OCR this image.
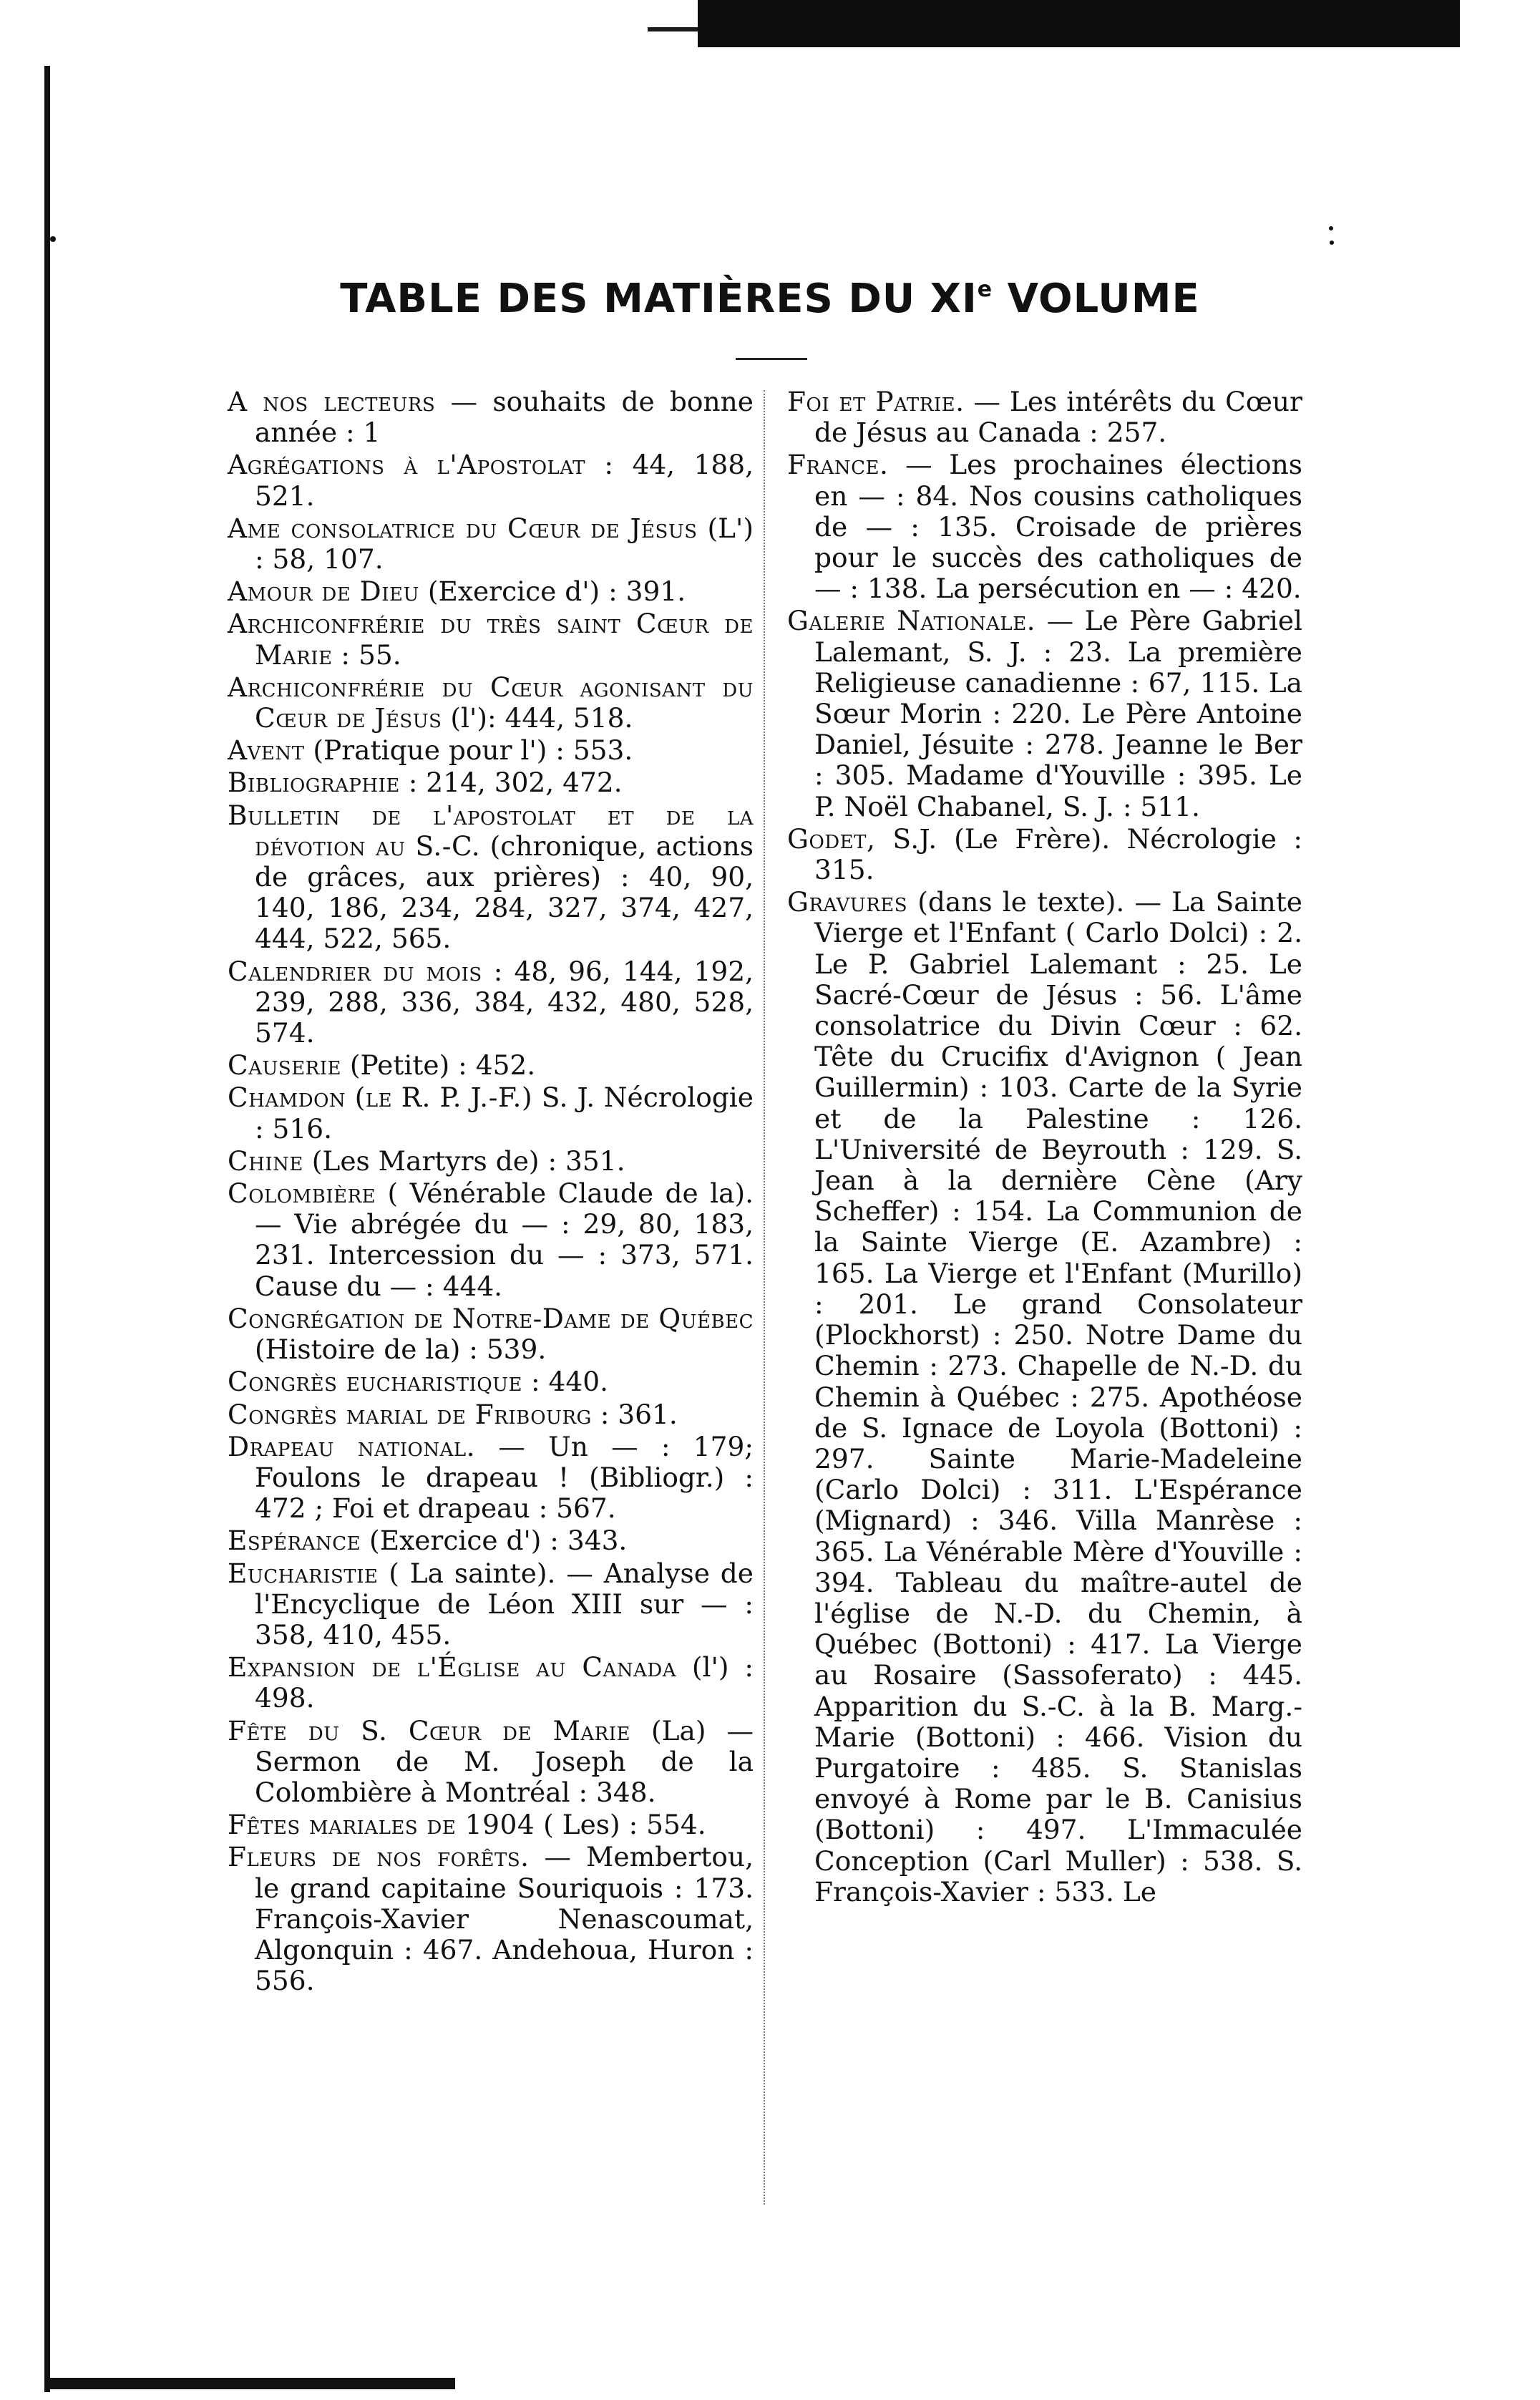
TABLE DES MATIÈRES DU XIe VOLUME

A nos lecteurs — souhaits de bonne année : 1

Agrégations à l'Apostolat : 44, 188, 521.

Ame consolatrice du Cœur de Jésus (L') : 58, 107.

Amour de Dieu (Exercice d') : 391.

Archiconfrérie du très saint Cœur de Marie : 55.

Archiconfrérie du Cœur agonisant du Cœur de Jésus (l'): 444, 518.

Avent (Pratique pour l') : 553.

Bibliographie : 214, 302, 472.

Bulletin de l'apostolat et de la dévotion au S.-C. (chronique, actions de grâces, aux prières) : 40, 90, 140, 186, 234, 284, 327, 374, 427, 444, 522, 565.

Calendrier du mois : 48, 96, 144, 192, 239, 288, 336, 384, 432, 480, 528, 574.

Causerie (Petite) : 452.

Chamdon (le R. P. J.-F.) S. J. Nécrologie : 516.

Chine (Les Martyrs de) : 351.

Colombière ( Vénérable Claude de la). — Vie abrégée du — : 29, 80, 183, 231. Intercession du — : 373, 571. Cause du — : 444.

Congrégation de Notre-Dame de Québec (Histoire de la) : 539.

Congrès eucharistique : 440.

Congrès marial de Fribourg : 361.

Drapeau national. — Un — : 179; Foulons le drapeau ! (Bibliogr.) : 472 ; Foi et drapeau : 567.

Espérance (Exercice d') : 343.

Eucharistie ( La sainte). — Analyse de l'Encyclique de Léon XIII sur — : 358, 410, 455.

Expansion de l'Église au Canada (l') : 498.

Fête du S. Cœur de Marie (La) — Sermon de M. Joseph de la Colombière à Montréal : 348.

Fêtes mariales de 1904 ( Les) : 554.

Fleurs de nos forêts. — Membertou, le grand capitaine Souriquois : 173. François-Xavier Nenascoumat, Algonquin : 467. Andehoua, Huron : 556.

Foi et Patrie. — Les intérêts du Cœur de Jésus au Canada : 257.

France. — Les prochaines élections en — : 84. Nos cousins catholiques de — : 135. Croisade de prières pour le succès des catholiques de — : 138. La persécution en — : 420.

Galerie Nationale. — Le Père Gabriel Lalemant, S. J. : 23. La première Religieuse canadienne : 67, 115. La Sœur Morin : 220. Le Père Antoine Daniel, Jésuite : 278. Jeanne le Ber : 305. Madame d'Youville : 395. Le P. Noël Chabanel, S. J. : 511.

Godet, S.J. (Le Frère). Nécrologie : 315.

Gravures (dans le texte). — La Sainte Vierge et l'Enfant ( Carlo Dolci) : 2. Le P. Gabriel Lalemant : 25. Le Sacré-Cœur de Jésus : 56. L'âme consolatrice du Divin Cœur : 62. Tête du Crucifix d'Avignon ( Jean Guillermin) : 103. Carte de la Syrie et de la Palestine : 126. L'Université de Beyrouth : 129. S. Jean à la dernière Cène (Ary Scheffer) : 154. La Communion de la Sainte Vierge (E. Azambre) : 165. La Vierge et l'Enfant (Murillo) : 201. Le grand Consolateur (Plockhorst) : 250. Notre Dame du Chemin : 273. Chapelle de N.-D. du Chemin à Québec : 275. Apothéose de S. Ignace de Loyola (Bottoni) : 297. Sainte Marie-Madeleine (Carlo Dolci) : 311. L'Espérance (Mignard) : 346. Villa Manrèse : 365. La Vénérable Mère d'Youville : 394. Tableau du maître-autel de l'église de N.-D. du Chemin, à Québec (Bottoni) : 417. La Vierge au Rosaire (Sassoferato) : 445. Apparition du S.-C. à la B. Marg.-Marie (Bottoni) : 466. Vision du Purgatoire : 485. S. Stanislas envoyé à Rome par le B. Canisius (Bottoni) : 497. L'Immaculée Conception (Carl Muller) : 538. S. François-Xavier : 533. Le
